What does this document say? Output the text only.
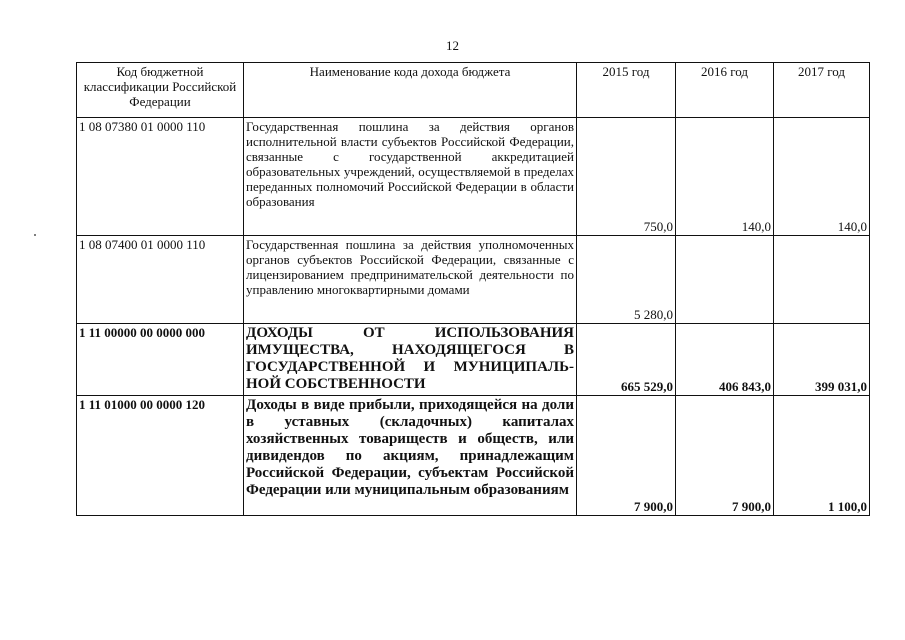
12
Код бюджетной классификации Российской Федерации	Наименование кода дохода бюджета	2015 год	2016 год	2017 год
1 08 07380 01 0000 110	Государственная пошлина за действия органов исполнительной власти субъектов Российской Федерации, связанные с государственной аккредитацией образовательных учреждений, осуществляемой в пределах переданных полномочий Российской Федерации в области образования	750,0	140,0	140,0
1 08 07400 01 0000 110	Государственная пошлина за действия уполномоченных органов субъектов Российской Федерации, связанные с лицензированием предпринимательской деятельности по управлению многоквартирными домами	5 280,0		
1 11 00000 00 0000 000	ДОХОДЫ ОТ ИСПОЛЬЗОВАНИЯ ИМУЩЕСТВА, НАХОДЯЩЕГОСЯ В ГОСУДАРСТВЕННОЙ И МУНИЦИПАЛЬ-НОЙ СОБСТВЕННОСТИ	665 529,0	406 843,0	399 031,0
1 11 01000 00 0000 120	Доходы в виде прибыли, приходящейся на доли в уставных (складочных) капиталах хозяйственных товариществ и обществ, или дивидендов по акциям, принадлежащим Российской Федерации, субъектам Российской Федерации или муниципальным образованиям	7 900,0	7 900,0	1 100,0
